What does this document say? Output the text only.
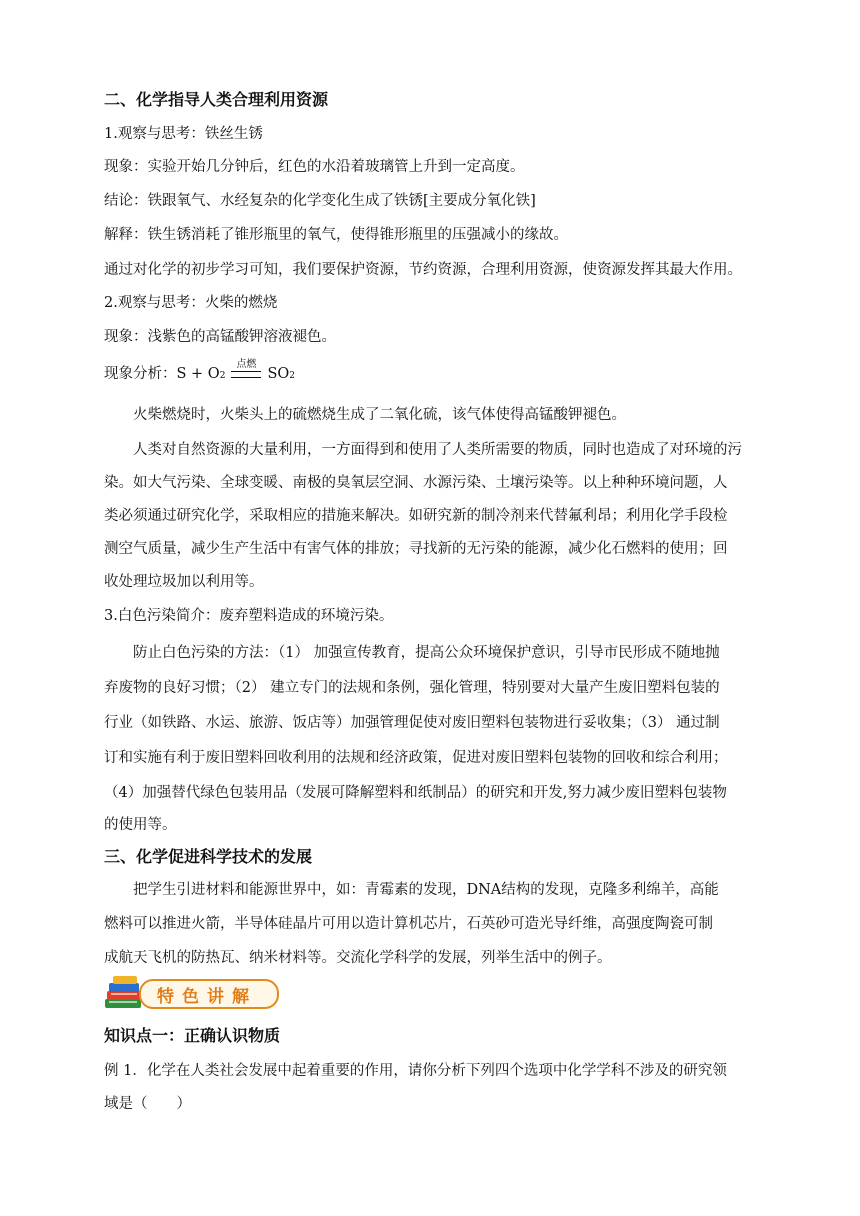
二、化学指导人类合理利用资源
1.观察与思考：铁丝生锈
现象：实验开始几分钟后，红色的水沿着玻璃管上升到一定高度。
结论：铁跟氧气、水经复杂的化学变化生成了铁锈[主要成分氧化铁]
解释：铁生锈消耗了锥形瓶里的氧气，使得锥形瓶里的压强减小的缘故。
通过对化学的初步学习可知，我们要保护资源，节约资源，合理利用资源，使资源发挥其最大作用。
2.观察与思考：火柴的燃烧
现象：浅紫色的高锰酸钾溶液褪色。
现象分析：S + O 2
点燃
SO 2
　　火柴燃烧时，火柴头上的硫燃烧生成了二氧化硫，该气体使得高锰酸钾褪色。
　　人类对自然资源的大量利用，一方面得到和使用了人类所需要的物质，同时也造成了对环境的污
染。如大气污染、全球变暖、南极的臭氧层空洞、水源污染、土壤污染等。以上种种环境问题，人
类必须通过研究化学，采取相应的措施来解决。如研究新的制冷剂来代替氟利昂；利用化学手段检
测空气质量，减少生产生活中有害气体的排放；寻找新的无污染的能源，减少化石燃料的使用；回
收处理垃圾加以利用等。
3.白色污染简介：废弃塑料造成的环境污染。
　　防止白色污染的方法：（1） 加强宣传教育，提高公众环境保护意识，引导市民形成不随地抛
弃废物的良好习惯；（2） 建立专门的法规和条例，强化管理，特别要对大量产生废旧塑料包装的
行业（如铁路、水运、旅游、饭店等）加强管理促使对废旧塑料包装物进行妥收集；（3） 通过制
订和实施有利于废旧塑料回收利用的法规和经济政策，促进对废旧塑料包装物的回收和综合利用；
（4）加强替代绿色包装用品（发展可降解塑料和纸制品）的研究和开发,努力减少废旧塑料包装物
的使用等。
三、化学促进科学技术的发展
　　把学生引进材料和能源世界中，如：青霉素的发现，DNA结构的发现，克隆多利绵羊，高能
燃料可以推进火箭，半导体硅晶片可用以造计算机芯片，石英砂可造光导纤维，高强度陶瓷可制
成航天飞机的防热瓦、纳米材料等。交流化学科学的发展，列举生活中的例子。
特色讲解
知识点一：正确认识物质
例 1．化学在人类社会发展中起着重要的作用，请你分析下列四个选项中化学学科不涉及的研究领
域是（　　）
